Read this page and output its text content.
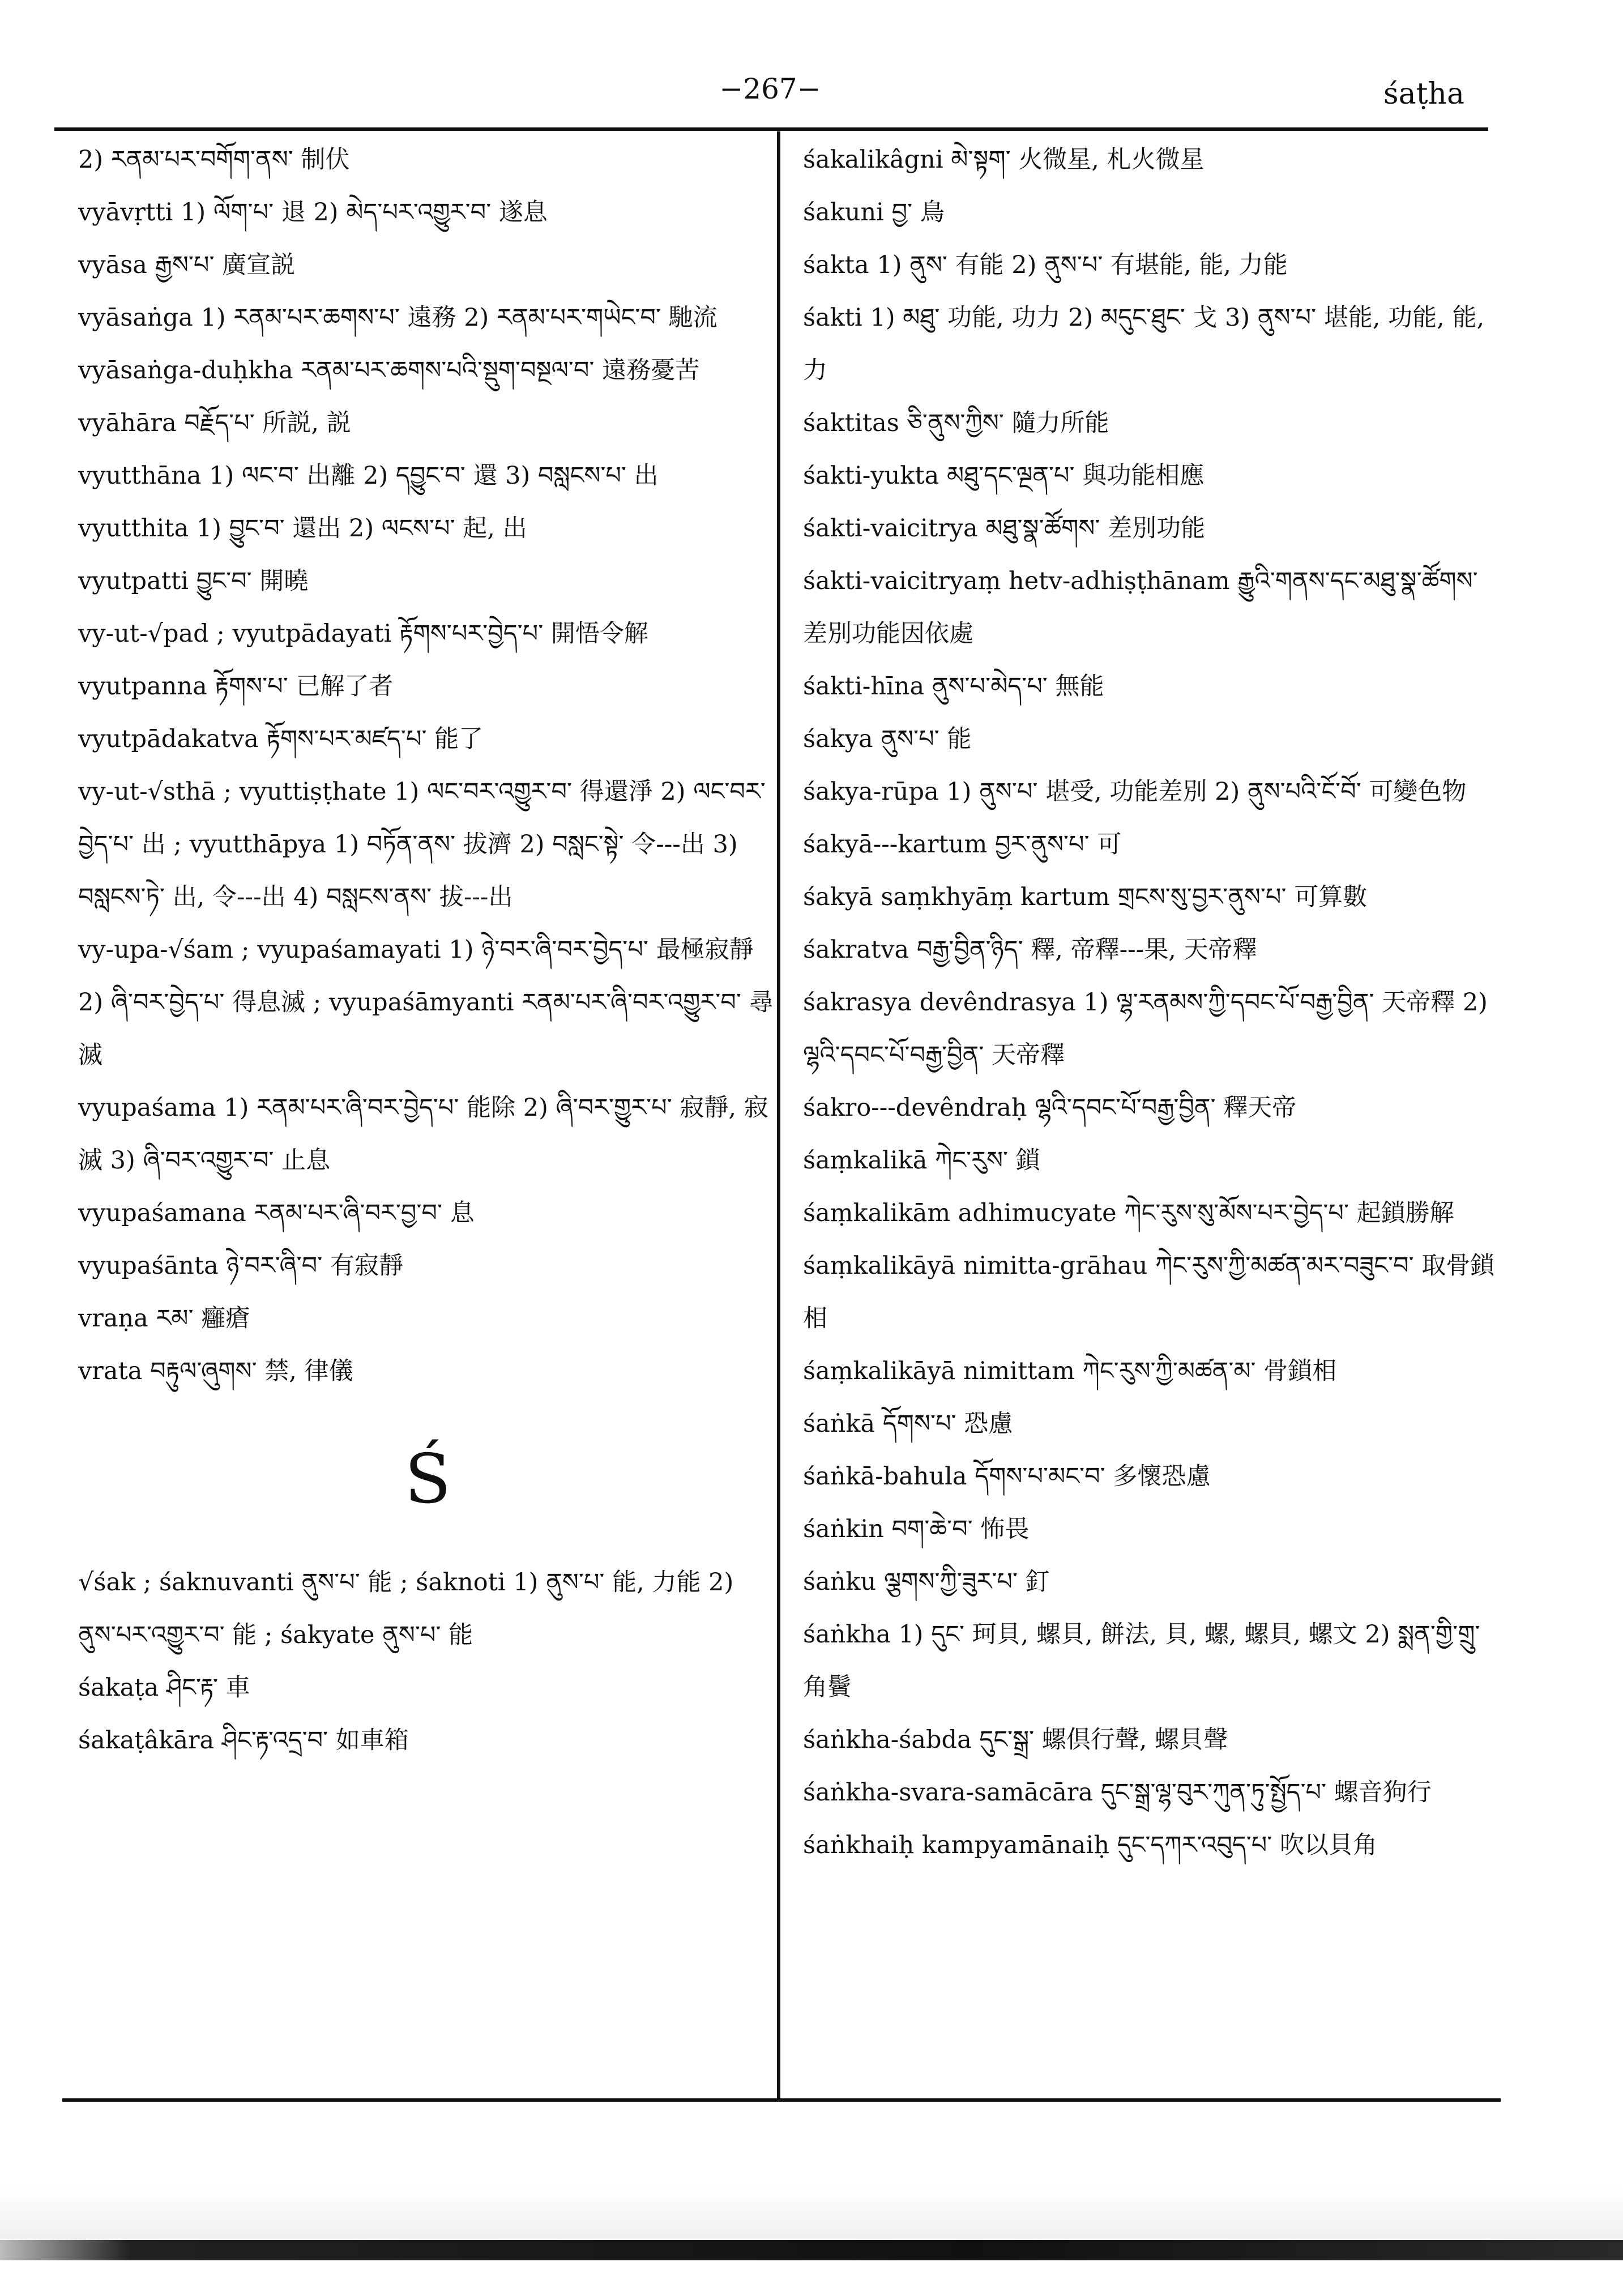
−267−	śaṭha
2) རནམ་པར་བགོག་ནས་ 制伏
vyāvṛtti 1) ལོག་པ་ 退 2) མེད་པར་འགྱུར་བ་ 遂息
vyāsa རྒྱས་པ་ 廣宣説
vyāsaṅga 1) རནམ་པར་ཆགས་པ་ 遠務 2) རནམ་པར་གཡེང་བ་ 馳流
vyāsaṅga-duḥkha རནམ་པར་ཆགས་པའི་སྡུག་བསྔལ་བ་ 遠務憂苦
vyāhāra བརྗོད་པ་ 所説, 説
vyutthāna 1) ལང་བ་ 出離 2) དབྱུང་བ་ 還 3) བསླངས་པ་ 出
vyutthita 1) བྱུང་བ་ 還出 2) ལངས་པ་ 起, 出
vyutpatti བྱུང་བ་ 開曉
vy-ut-√pad ; vyutpādayati རྟོགས་པར་བྱེད་པ་ 開悟令解
vyutpanna རྟོགས་པ་ 已解了者
vyutpādakatva རྟོགས་པར་མཛད་པ་ 能了
vy-ut-√sthā ; vyuttiṣṭhate 1) ལང་བར་འགྱུར་བ་ 得還淨 2) ལང་བར་བྱེད་པ་ 出 ; vyutthāpya 1) བཏོན་ནས་ 拔濟 2) བསླང་སྟེ་ 令---出 3) བསླངས་ཏེ་ 出, 令---出 4) བསླངས་ནས་ 拔---出
vy-upa-√śam ; vyupaśamayati 1) ཉེ་བར་ཞི་བར་བྱེད་པ་ 最極寂靜 2) ཞི་བར་བྱེད་པ་ 得息滅 ; vyupaśāmyanti རནམ་པར་ཞི་བར་འགྱུར་བ་ 尋滅
vyupaśama 1) རནམ་པར་ཞི་བར་བྱེད་པ་ 能除 2) ཞི་བར་གྱུར་པ་ 寂靜, 寂滅 3) ཞི་བར་འགྱུར་བ་ 止息
vyupaśamana རནམ་པར་ཞི་བར་བྱ་བ་ 息
vyupaśānta ཉེ་བར་ཞི་བ་ 有寂靜
vraṇa རམ་ 癰瘡
vrata བརྟུལ་ཞུགས་ 禁, 律儀
Ś
√śak ; śaknuvanti ནུས་པ་ 能 ; śaknoti 1) ནུས་པ་ 能, 力能 2) ནུས་པར་འགྱུར་བ་ 能 ; śakyate ནུས་པ་ 能
śakaṭa ཤིང་རྟ་ 車
śakaṭâkāra ཤིང་རྟ་འདྲ་བ་ 如車箱
śakalikâgni མེ་སྟག་ 火微星, 札火微星
śakuni བྱ་ 鳥
śakta 1) ནུས་ 有能 2) ནུས་པ་ 有堪能, 能, 力能
śakti 1) མཐུ་ 功能, 功力 2) མདུང་ཐུང་ 戈 3) ནུས་པ་ 堪能, 功能, 能, 力
śaktitas ཅི་ནུས་ཀྱིས་ 隨力所能
śakti-yukta མཐུ་དང་ལྔན་པ་ 與功能相應
śakti-vaicitrya མཐུ་སྣ་ཚོགས་ 差別功能
śakti-vaicitryaṃ hetv-adhiṣṭhānam རྒྱུའི་གནས་དང་མཐུ་སྣ་ཚོགས་ 差別功能因依處
śakti-hīna ནུས་པ་མེད་པ་ 無能
śakya ནུས་པ་ 能
śakya-rūpa 1) ནུས་པ་ 堪受, 功能差別 2) ནུས་པའི་ངོ་བོ་ 可變色物
śakyā---kartum བྱར་ནུས་པ་ 可
śakyā saṃkhyāṃ kartum གྲངས་སུ་བྱར་ནུས་པ་ 可算數
śakratva བརྒྱ་བྱིན་ཉིད་ 釋, 帝釋---果, 天帝釋
śakrasya devêndrasya 1) ལྷ་རནམས་ཀྱི་དབང་པོ་བརྒྱ་བྱིན་ 天帝釋 2) ལྷའི་དབང་པོ་བརྒྱ་བྱིན་ 天帝釋
śakro---devêndraḥ ལྷའི་དབང་པོ་བརྒྱ་བྱིན་ 釋天帝
śaṃkalikā ཀེང་རུས་ 鎖
śaṃkalikām adhimucyate ཀེང་རུས་སུ་མོས་པར་བྱེད་པ་ 起鎖勝解
śaṃkalikāyā nimitta-grāhau ཀེང་རུས་ཀྱི་མཚན་མར་བཟུང་བ་ 取骨鎖相
śaṃkalikāyā nimittam ཀེང་རུས་ཀྱི་མཚན་མ་ 骨鎖相
śaṅkā དོགས་པ་ 恐慮
śaṅkā-bahula དོགས་པ་མང་བ་ 多懷恐慮
śaṅkin བག་ཆེ་བ་ 怖畏
śaṅku ལྕགས་ཀྱི་ཟུར་པ་ 釘
śaṅkha 1) དུང་ 珂貝, 螺貝, 餅法, 貝, 螺, 螺貝, 螺文 2) སྨན་གྱི་གྲུ་ 角鬢
śaṅkha-śabda དུང་སྒྲ་ 螺倶行聲, 螺貝聲
śaṅkha-svara-samācāra དུང་སྒྲ་ལྷ་བུར་ཀུན་ཏུ་སྤྱོད་པ་ 螺音狗行
śaṅkhaiḥ kampyamānaiḥ དུང་དཀར་འབུད་པ་ 吹以貝角
